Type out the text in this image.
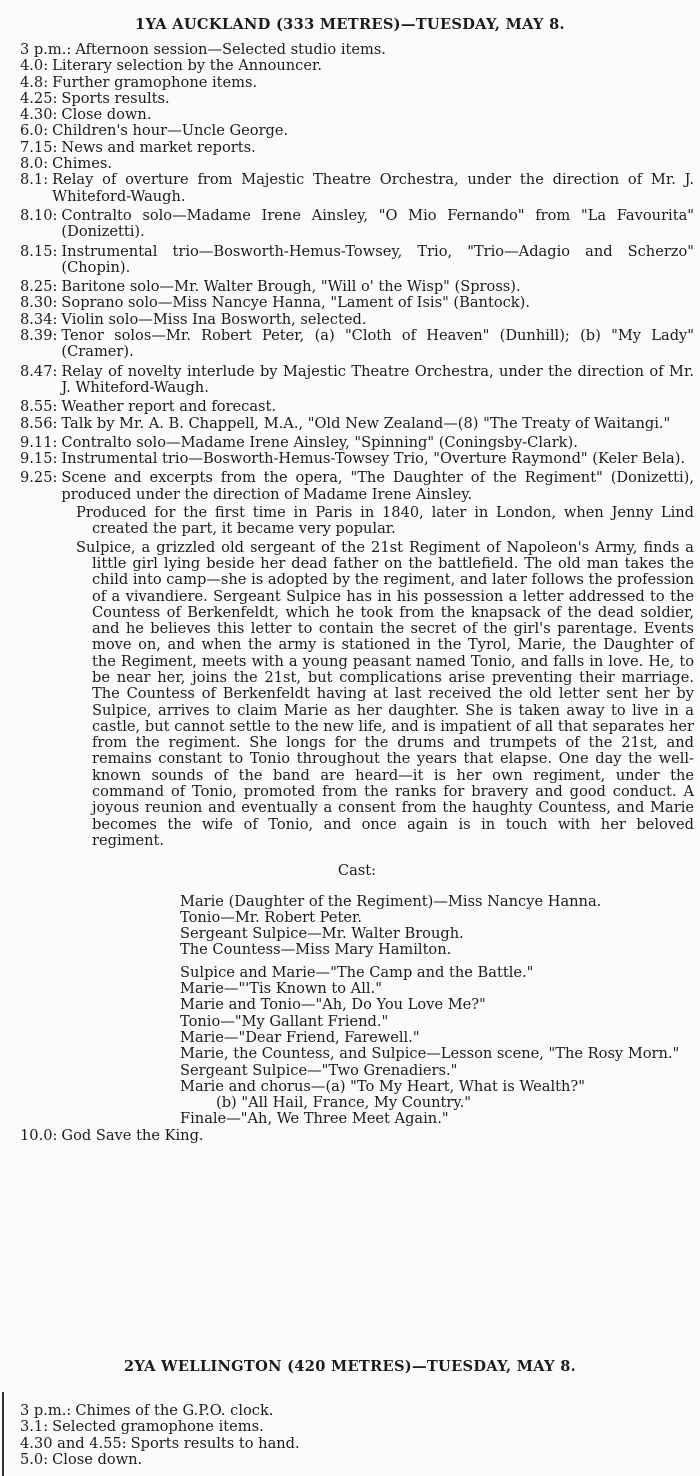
1YA AUCKLAND (333 METRES)—TUESDAY, MAY 8.
3 p.m.: Afternoon session—Selected studio items.
4.0: Literary selection by the Announcer.
4.8: Further gramophone items.
4.25: Sports results.
4.30: Close down.
6.0: Children's hour—Uncle George.
7.15: News and market reports.
8.0: Chimes.
8.1: Relay of overture from Majestic Theatre Orchestra, under the direction of Mr. J. Whiteford-Waugh.
8.10: Contralto solo—Madame Irene Ainsley, "O Mio Fernando" from "La Favourita" (Donizetti).
8.15: Instrumental trio—Bosworth-Hemus-Towsey, Trio, "Trio—Adagio and Scherzo" (Chopin).
8.25: Baritone solo—Mr. Walter Brough, "Will o' the Wisp" (Spross).
8.30: Soprano solo—Miss Nancye Hanna, "Lament of Isis" (Bantock).
8.34: Violin solo—Miss Ina Bosworth, selected.
8.39: Tenor solos—Mr. Robert Peter, (a) "Cloth of Heaven" (Dunhill); (b) "My Lady" (Cramer).
8.47: Relay of novelty interlude by Majestic Theatre Orchestra, under the direction of Mr. J. Whiteford-Waugh.
8.55: Weather report and forecast.
8.56: Talk by Mr. A. B. Chappell, M.A., "Old New Zealand—(8) "The Treaty of Waitangi."
9.11: Contralto solo—Madame Irene Ainsley, "Spinning" (Coningsby-Clark).
9.15: Instrumental trio—Bosworth-Hemus-Towsey Trio, "Overture Raymond" (Keler Bela).
9.25: Scene and excerpts from the opera, "The Daughter of the Regiment" (Donizetti), produced under the direction of Madame Irene Ainsley.

Produced for the first time in Paris in 1840, later in London, when Jenny Lind created the part, it became very popular.

Sulpice, a grizzled old sergeant of the 21st Regiment of Napoleon's Army, finds a little girl lying beside her dead father on the battlefield. The old man takes the child into camp—she is adopted by the regiment, and later follows the profession of a vivandiere. Sergeant Sulpice has in his possession a letter addressed to the Countess of Berkenfeldt, which he took from the knapsack of the dead soldier, and he believes this letter to contain the secret of the girl's parentage. Events move on, and when the army is stationed in the Tyrol, Marie, the Daughter of the Regiment, meets with a young peasant named Tonio, and falls in love. He, to be near her, joins the 21st, but complications arise preventing their marriage. The Countess of Berkenfeldt having at last received the old letter sent her by Sulpice, arrives to claim Marie as her daughter. She is taken away to live in a castle, but cannot settle to the new life, and is impatient of all that separates her from the regiment. She longs for the drums and trumpets of the 21st, and remains constant to Tonio throughout the years that elapse. One day the well-known sounds of the band are heard—it is her own regiment, under the command of Tonio, promoted from the ranks for bravery and good conduct. A joyous reunion and eventually a consent from the haughty Countess, and Marie becomes the wife of Tonio, and once again is in touch with her beloved regiment.

Cast:

Marie (Daughter of the Regiment)—Miss Nancye Hanna.

Tonio—Mr. Robert Peter.

Sergeant Sulpice—Mr. Walter Brough.

The Countess—Miss Mary Hamilton.

Sulpice and Marie—"The Camp and the Battle."

Marie—"'Tis Known to All."

Marie and Tonio—"Ah, Do You Love Me?"

Tonio—"My Gallant Friend."

Marie—"Dear Friend, Farewell."

Marie, the Countess, and Sulpice—Lesson scene, "The Rosy Morn."

Sergeant Sulpice—"Two Grenadiers."

Marie and chorus—(a) "To My Heart, What is Wealth?"

(b) "All Hail, France, My Country."

Finale—"Ah, We Three Meet Again."

10.0: God Save the King.
2YA WELLINGTON (420 METRES)—TUESDAY, MAY 8.
3 p.m.: Chimes of the G.P.O. clock.
3.1: Selected gramophone items.
4.30 and 4.55: Sports results to hand.
5.0: Close down.
